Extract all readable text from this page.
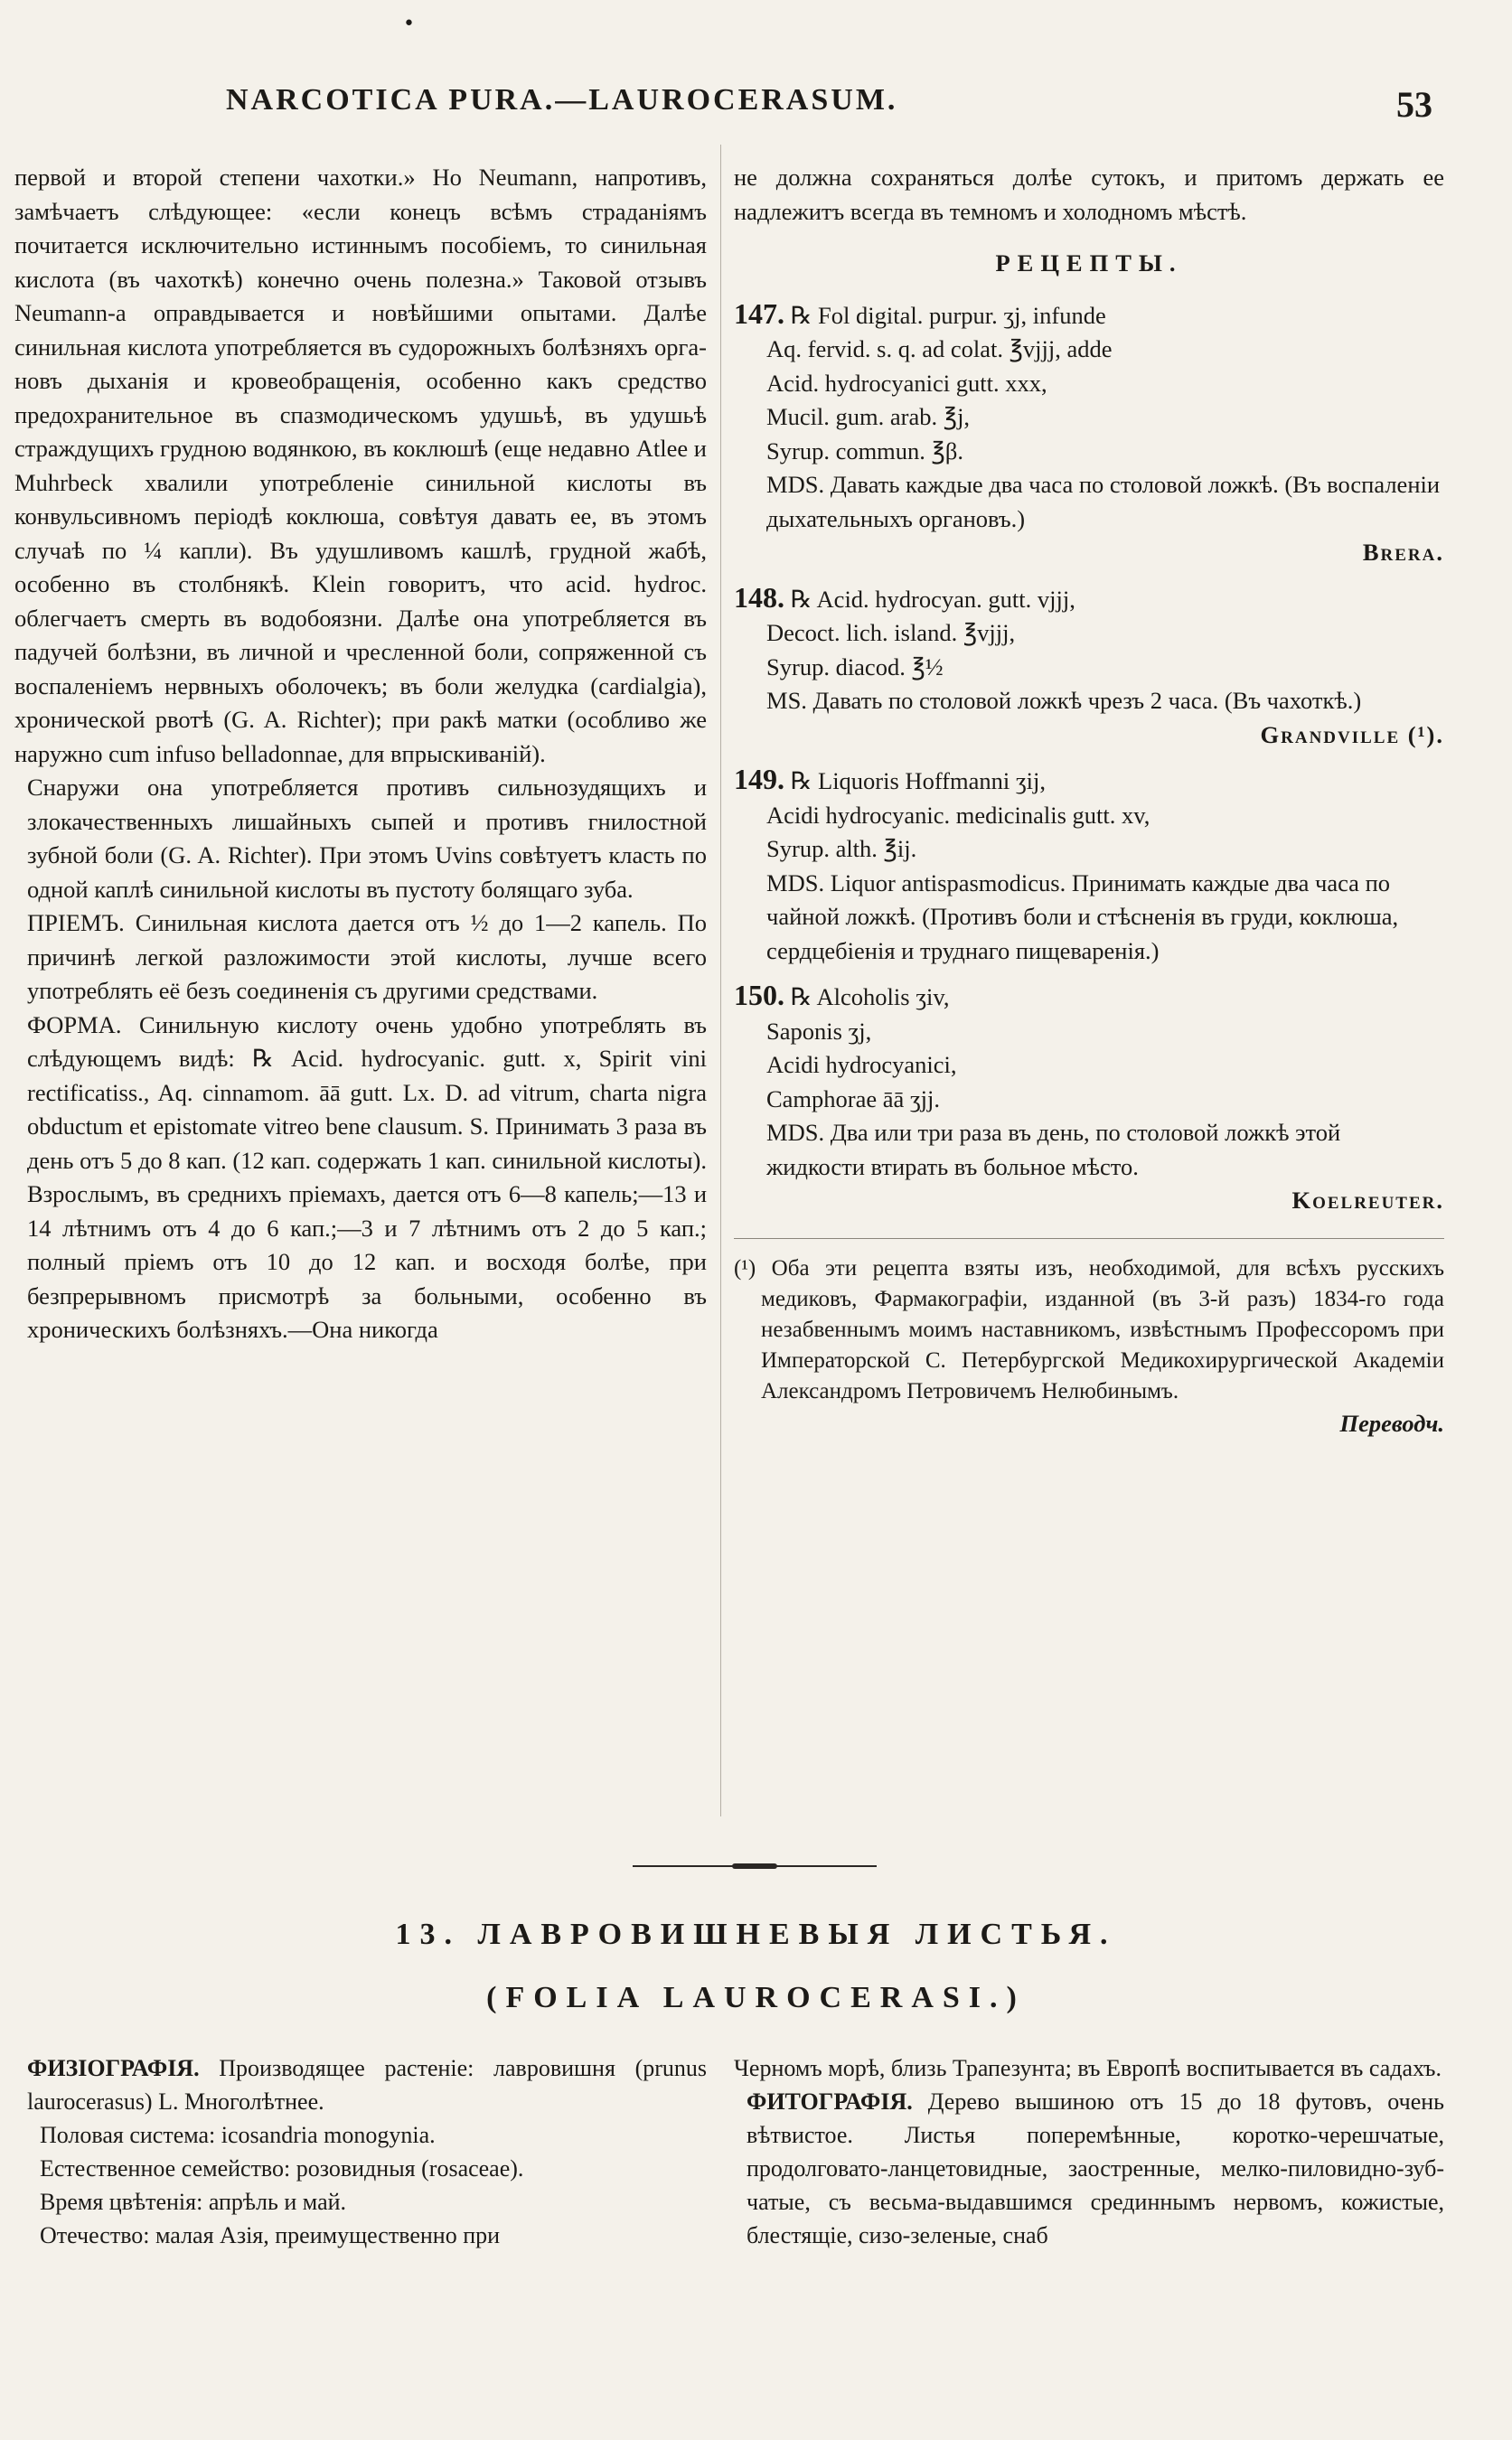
•
NARCOTICA PURA.—LAUROCERASUM.	53

первой и второй степени чахотки.» Но Neumann, напротивъ, замѣчаетъ слѣдующее: «если конецъ всѣмъ страданіямъ почитается исключительно истиннымъ пособіемъ, то синильная кислота (въ чахоткѣ) конечно очень полезна.» Таковой отзывъ Neumann-а оправдывается и новѣйшими опытами. Далѣе синильная кислота употребляется въ судорожныхъ болѣзняхъ органовъ дыханія и кровеобращенія, особенно какъ средство предохранительное въ спазмодическомъ удушьѣ, въ удушьѣ страждущихъ грудною водянкою, въ коклюшѣ (еще недавно Atlee и Muhrbeck хвалили употребленіе синильной кислоты въ конвульсивномъ періодѣ коклюша, совѣтуя давать ее, въ этомъ случаѣ по ¼ капли). Въ удушливомъ кашлѣ, грудной жабѣ, особенно въ столбнякѣ. Klein говоритъ, что acid. hydroc. облегчаетъ смерть въ водобоязни. Далѣе она употребляется въ падучей болѣзни, въ личной и чресленной боли, сопряженной съ воспаленіемъ нервныхъ оболочекъ; въ боли желудка (cardialgia), хронической рвотѣ (G. A. Richter); при ракѣ матки (особливо же наружно cum infuso belladonnae, для впрыскиваній).

Снаружи она употребляется противъ сильнозудящихъ и злокачественныхъ лишайныхъ сыпей и противъ гнилостной зубной боли (G. A. Richter). При этомъ Uvins совѣтуетъ класть по одной каплѣ синильной кислоты въ пустоту болящаго зуба.

ПРІЕМЪ. Синильная кислота дается отъ ½ до 1—2 капель. По причинѣ легкой разложимости этой кислоты, лучше всего употреблять её безъ соединенія съ другими средствами.

ФОРМА. Синильную кислоту очень удобно употреблять въ слѣдующемъ видѣ: ℞ Acid. hydrocyanic. gutt. x, Spirit vini rectificatiss., Aq. cinnamom. āā gutt. Lx. D. ad vitrum, charta nigra obductum et epistomate vitreo bene clausum. S. Принимать 3 раза въ день отъ 5 до 8 кап. (12 кап. содержать 1 кап. синильной кислоты). Взрослымъ, въ среднихъ пріемахъ, дается отъ 6—8 капель;—13 и 14 лѣтнимъ отъ 4 до 6 кап.;—3 и 7 лѣтнимъ отъ 2 до 5 кап.; полный пріемъ отъ 10 до 12 кап. и восходя болѣе, при безпрерывномъ присмотрѣ за больными, особенно въ хроническихъ болѣзняхъ.—Она никогда

не должна сохраняться долѣе сутокъ, и притомъ держать ее надлежитъ всегда въ темномъ и холодномъ мѣстѣ.

РЕЦЕПТЫ.

147. ℞ Fol digital. purpur. ʒj, infunde

Aq. fervid. s. q. ad colat. ℥vjjj, adde

Acid. hydrocyanici gutt. xxx,

Mucil. gum. arab. ℥j,

Syrup. commun. ℥β.

MDS. Давать каждые два часа по столовой ложкѣ. (Въ воспаленіи дыхательныхъ органовъ.)

Brera.

148. ℞ Acid. hydrocyan. gutt. vjjj,

Decoct. lich. island. ℥vjjj,

Syrup. diacod. ℥½

MS. Давать по столовой ложкѣ чрезъ 2 часа. (Въ чахоткѣ.)

Grandville (¹).

149. ℞ Liquoris Hoffmanni ʒij,

Acidi hydrocyanic. medicinalis gutt. xv,

Syrup. alth. ℥ij.

MDS. Liquor antispasmodicus. Принимать каждые два часа по чайной ложкѣ. (Противъ боли и стѣсненія въ груди, коклюша, сердцебіенія и труднаго пищеваренія.)

150. ℞ Alcoholis ʒiv,

Saponis ʒj,

Acidi hydrocyanici,

Camphorae āā ʒjj.

MDS. Два или три раза въ день, по столовой ложкѣ этой жидкости втирать въ больное мѣсто.

Koelreuter.

(¹) Оба эти рецепта взяты изъ, необходимой, для всѣхъ русскихъ медиковъ, Фармакографіи, изданной (въ 3-й разъ) 1834-го года незабвеннымъ моимъ наставникомъ, извѣстнымъ Профессоромъ при Императорской С. Петербургской Медикохирургической Академіи Александромъ Петровичемъ Нелюбинымъ.

Переводч.

13. ЛАВРОВИШНЕВЫЯ ЛИСТЬЯ.
(FOLIA LAUROCERASI.)

ФИЗІОГРАФІЯ. Производящее растеніе: лавровишня (prunus laurocerasus) L. Многолѣтнее.

Половая система: icosandria monogynia.

Естественное семейство: розовидныя (rosaceae).

Время цвѣтенія: апрѣль и май.

Отечество: малая Азія, преимущественно при

Черномъ морѣ, близь Трапезунта; въ Европѣ воспитывается въ садахъ.

ФИТОГРАФІЯ. Дерево вышиною отъ 15 до 18 футовъ, очень вѣтвистое. Листья поперемѣнные, коротко-черешчатые, продолговато-ланцетовидные, заостренные, мелко-пиловидно-зубчатые, съ весьма-выдавшимся срединнымъ нервомъ, кожистые, блестящіе, сизо-зеленые, снаб
